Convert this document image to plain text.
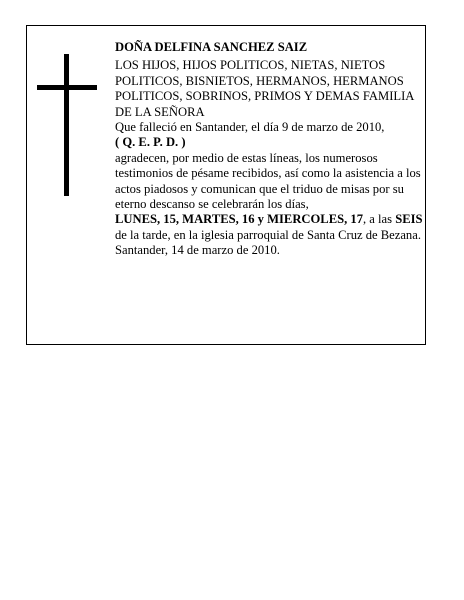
DOÑA DELFINA SANCHEZ SAIZ

LOS HIJOS, HIJOS POLITICOS, NIETAS, NIETOS POLITICOS, BISNIETOS, HERMANOS, HERMANOS POLITICOS, SOBRINOS, PRIMOS Y DEMAS FAMILIA DE LA SEÑORA

Que falleció en Santander, el día 9 de marzo de 2010,

( Q. E. P. D. )

agradecen, por medio de estas líneas, los numerosos testimonios de pésame recibidos, así como la asistencia a los actos piadosos y comunican que el triduo de misas por su eterno descanso se celebrarán los días,
LUNES, 15, MARTES, 16 y MIERCOLES, 17, a las SEIS de la tarde, en la iglesia parroquial de Santa Cruz de Bezana.

Santander, 14 de marzo de 2010.
